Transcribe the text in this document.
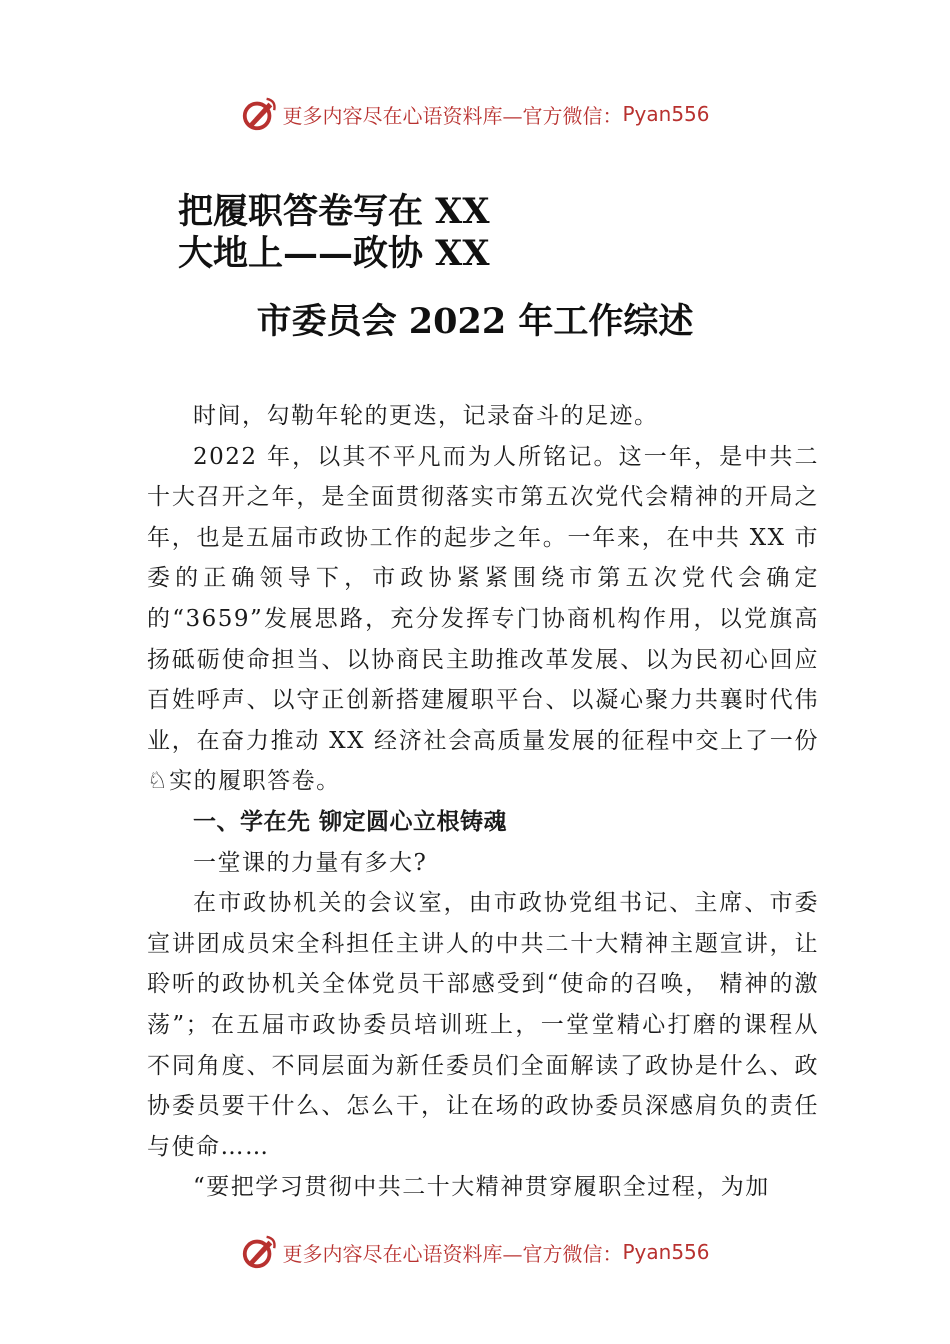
更多内容尽在心语资料库—官方微信： Pyan556
把履职答卷写在 XX
大地上——政协 XX
市委员会 2022 年工作综述

时间，勾勒年轮的更迭，记录奋斗的足迹。

2022 年，以其不平凡而为人所铭记。这一年，是中共二十大召开之年，是全面贯彻落实市第五次党代会精神的开局之年，也是五届市政协工作的起步之年。一年来，在中共 XX 市委的正确领导下，市政协紧紧围绕市第五次党代会确定的“3659”发展思路，充分发挥专门协商机构作用，以党旗高扬砥砺使命担当、以协商民主助推改革发展、以为民初心回应百姓呼声、以守正创新搭建履职平台、以凝心聚力共襄时代伟业，在奋力推动 XX 经济社会高质量发展的征程中交上了一份♘实的履职答卷。

一、学在先 铆定圆心立根铸魂

一堂课的力量有多大?

在市政协机关的会议室，由市政协党组书记、主席、市委宣讲团成员宋全科担任主讲人的中共二十大精神主题宣讲，让聆听的政协机关全体党员干部感受到“使命的召唤， 精神的激荡”；在五届市政协委员培训班上，一堂堂精心打磨的课程从不同角度、不同层面为新任委员们全面解读了政协是什么、政协委员要干什么、怎么干，让在场的政协委员深感肩负的责任与使命……

“要把学习贯彻中共二十大精神贯穿履职全过程，为加

更多内容尽在心语资料库—官方微信： Pyan556
